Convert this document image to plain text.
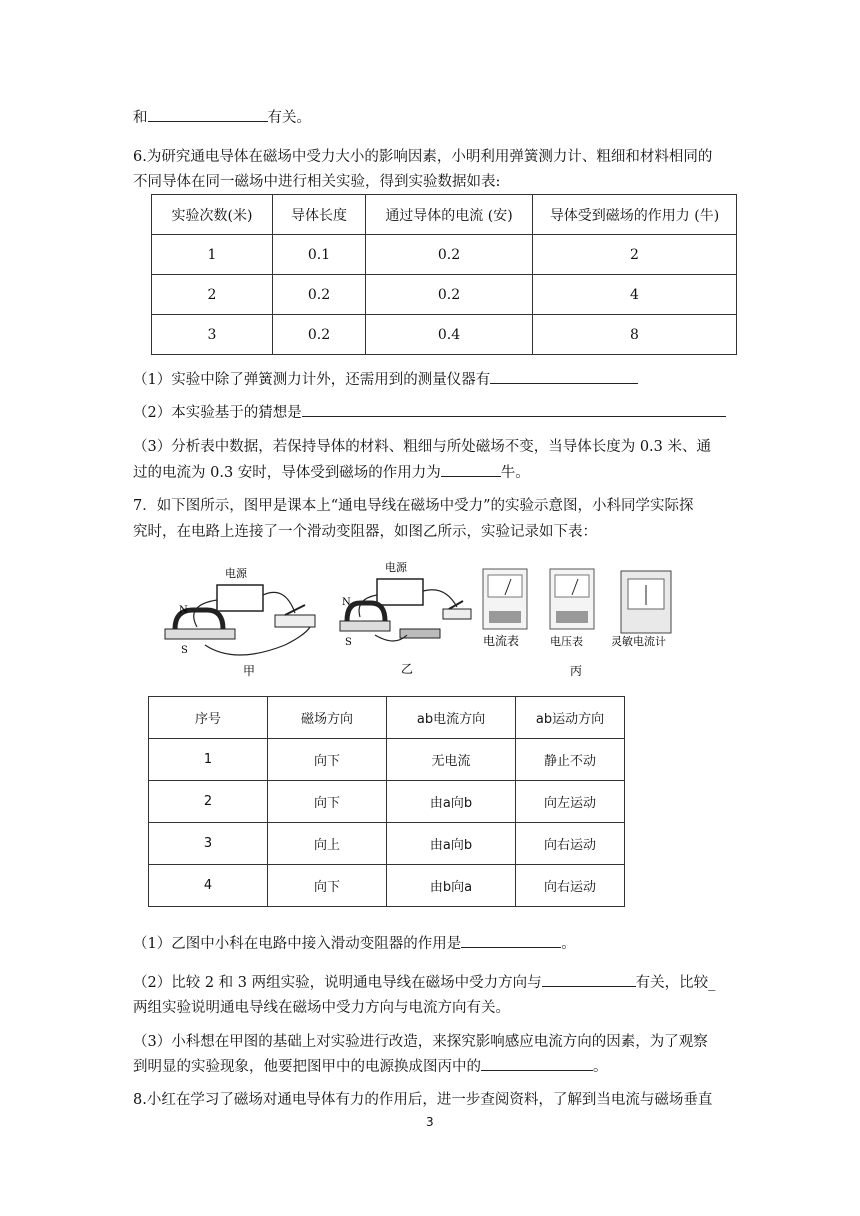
和	有关。
6.为研究通电导体在磁场中受力大小的影响因素，小明利用弹簧测力计、粗细和材料相同的
不同导体在同一磁场中进行相关实验，得到实验数据如表:
实验次数(米)	导体长度	通过导体的电流 (安)	导体受到磁场的作用力 (牛)
1	0.1	0.2	2
2	0.2	0.2	4
3	0.2	0.4	8
（1）实验中除了弹簧测力计外，还需用到的测量仪器有
（2）本实验基于的猜想是
（3）分析表中数据，若保持导体的材料、粗细与所处磁场不变，当导体长度为 0.3 米、通
过的电流为 0.3 安时，导体受到磁场的作用力为	牛。
7．如下图所示，图甲是课本上“通电导线在磁场中受力”的实验示意图，小科同学实际探
究时，在电路上连接了一个滑动变阻器，如图乙所示，实验记录如下表：
电源
N
S
甲
电源
N
S
乙
电流表	电压表	灵敏电流计
丙
序号	磁场方向	ab电流方向	ab运动方向
1	向下	无电流	静止不动
2	向下	由a向b	向左运动
3	向上	由a向b	向右运动
4	向下	由b向a	向右运动
（1）乙图中小科在电路中接入滑动变阻器的作用是	。
（2）比较 2 和 3 两组实验，说明通电导线在磁场中受力方向与	有关，比较_
两组实验说明通电导线在磁场中受力方向与电流方向有关。
（3）小科想在甲图的基础上对实验进行改造，来探究影响感应电流方向的因素，为了观察
到明显的实验现象，他要把图甲中的电源换成图丙中的	。
8.小红在学习了磁场对通电导体有力的作用后，进一步查阅资料，了解到当电流与磁场垂直
3
